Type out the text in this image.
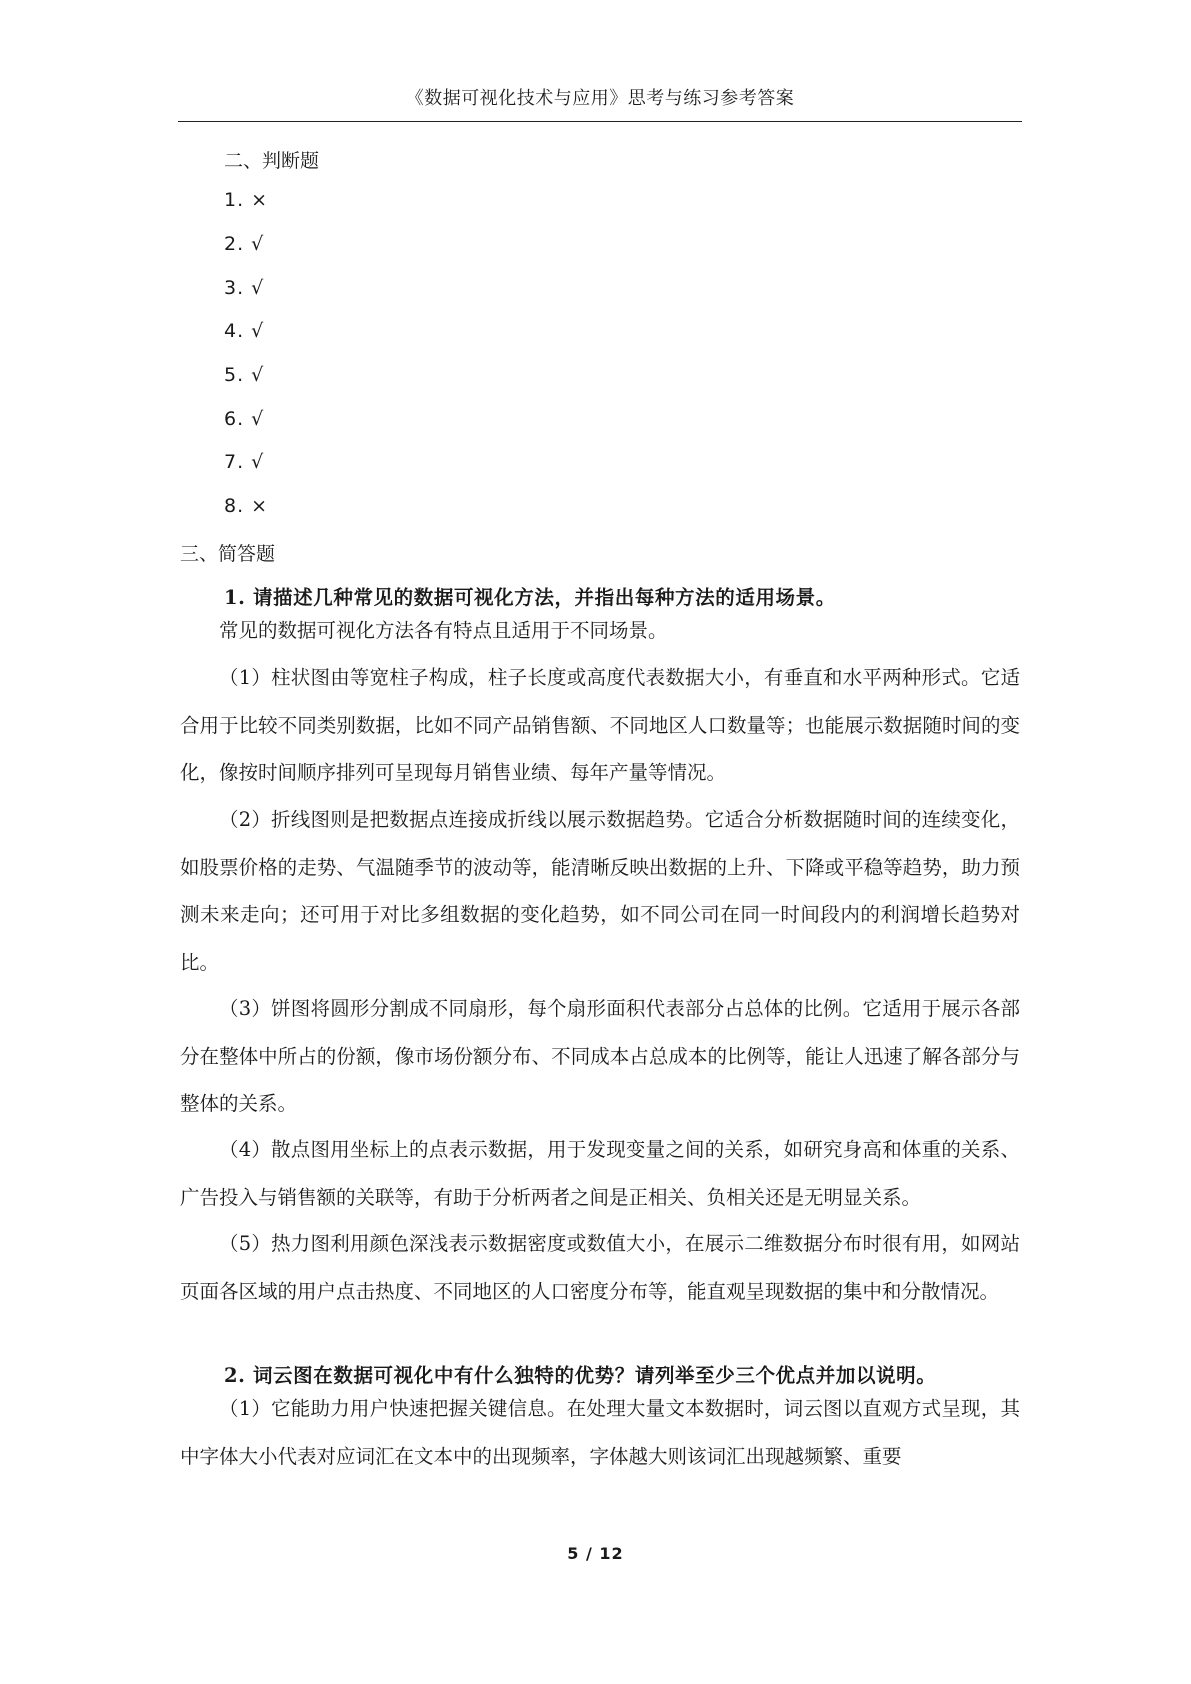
《数据可视化技术与应用》思考与练习参考答案
二、判断题
1. ×
2. √
3. √
4. √
5. √
6. √
7. √
8. ×
三、简答题
1. 请描述几种常见的数据可视化方法，并指出每种方法的适用场景。

常见的数据可视化方法各有特点且适用于不同场景。

（1）柱状图由等宽柱子构成，柱子长度或高度代表数据大小，有垂直和水平两种形式。它适合用于比较不同类别数据，比如不同产品销售额、不同地区人口数量等；也能展示数据随时间的变化，像按时间顺序排列可呈现每月销售业绩、每年产量等情况。

（2）折线图则是把数据点连接成折线以展示数据趋势。它适合分析数据随时间的连续变化，如股票价格的走势、气温随季节的波动等，能清晰反映出数据的上升、下降或平稳等趋势，助力预测未来走向；还可用于对比多组数据的变化趋势，如不同公司在同一时间段内的利润增长趋势对比。

（3）饼图将圆形分割成不同扇形，每个扇形面积代表部分占总体的比例。它适用于展示各部分在整体中所占的份额，像市场份额分布、不同成本占总成本的比例等，能让人迅速了解各部分与整体的关系。

（4）散点图用坐标上的点表示数据，用于发现变量之间的关系，如研究身高和体重的关系、广告投入与销售额的关联等，有助于分析两者之间是正相关、负相关还是无明显关系。

（5）热力图利用颜色深浅表示数据密度或数值大小，在展示二维数据分布时很有用，如网站页面各区域的用户点击热度、不同地区的人口密度分布等，能直观呈现数据的集中和分散情况。

2. 词云图在数据可视化中有什么独特的优势？请列举至少三个优点并加以说明。

（1）它能助力用户快速把握关键信息。在处理大量文本数据时，词云图以直观方式呈现，其中字体大小代表对应词汇在文本中的出现频率，字体越大则该词汇出现越频繁、重要

5 / 12
